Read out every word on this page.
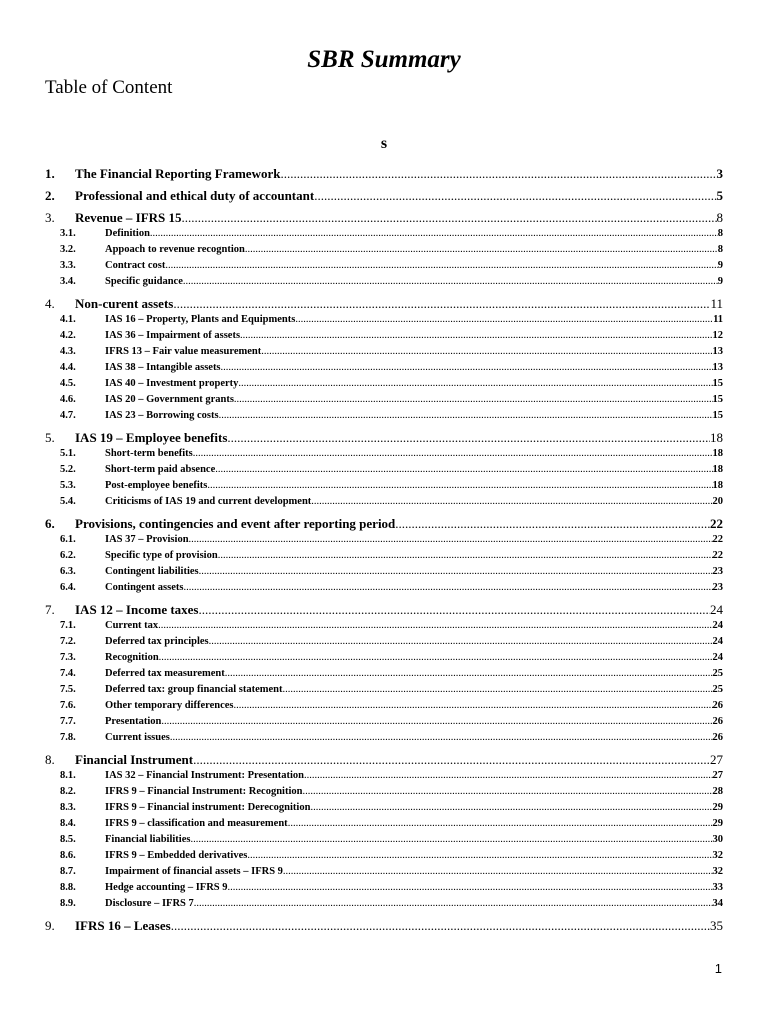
SBR Summary
Table of Content
s
1.	The Financial Reporting Framework .....	3
2.	Professional and ethical duty of accountant .....	5
3.	Revenue – IFRS 15 .....	8
3.1.	Definition .....	8
3.2.	Appoach to revenue recogntion .....	8
3.3.	Contract cost .....	9
3.4.	Specific guidance .....	9
4.	Non-curent assets .....	11
4.1.	IAS 16 – Property, Plants and Equipments .....	11
4.2.	IAS 36 – Impairment of assets .....	12
4.3.	IFRS 13 – Fair value measurement .....	13
4.4.	IAS 38 – Intangible assets .....	13
4.5.	IAS 40 – Investment property .....	15
4.6.	IAS 20 – Government grants .....	15
4.7.	IAS 23 – Borrowing costs .....	15
5.	IAS 19 – Employee benefits .....	18
5.1.	Short-term benefits .....	18
5.2.	Short-term paid absence .....	18
5.3.	Post-employee benefits .....	18
5.4.	Criticisms of IAS 19 and current development .....	20
6.	Provisions, contingencies and event after reporting period .....	22
6.1.	IAS 37 – Provision .....	22
6.2.	Specific type of provision .....	22
6.3.	Contingent liabilities .....	23
6.4.	Contingent assets .....	23
7.	IAS 12 – Income taxes .....	24
7.1.	Current tax .....	24
7.2.	Deferred tax principles .....	24
7.3.	Recognition .....	24
7.4.	Deferred tax measurement .....	25
7.5.	Deferred tax: group financial statement .....	25
7.6.	Other temporary differences .....	26
7.7.	Presentation .....	26
7.8.	Current issues .....	26
8.	Financial Instrument .....	27
8.1.	IAS 32 – Financial Instrument: Presentation .....	27
8.2.	IFRS 9 – Financial Instrument: Recognition .....	28
8.3.	IFRS 9 – Financial instrument: Derecognition .....	29
8.4.	IFRS 9 – classification and measurement .....	29
8.5.	Financial liabilities .....	30
8.6.	IFRS 9 – Embedded derivatives .....	32
8.7.	Impairment of financial assets – IFRS 9 .....	32
8.8.	Hedge accounting – IFRS 9 .....	33
8.9.	Disclosure – IFRS 7 .....	34
9.	IFRS 16 – Leases .....	35
1
